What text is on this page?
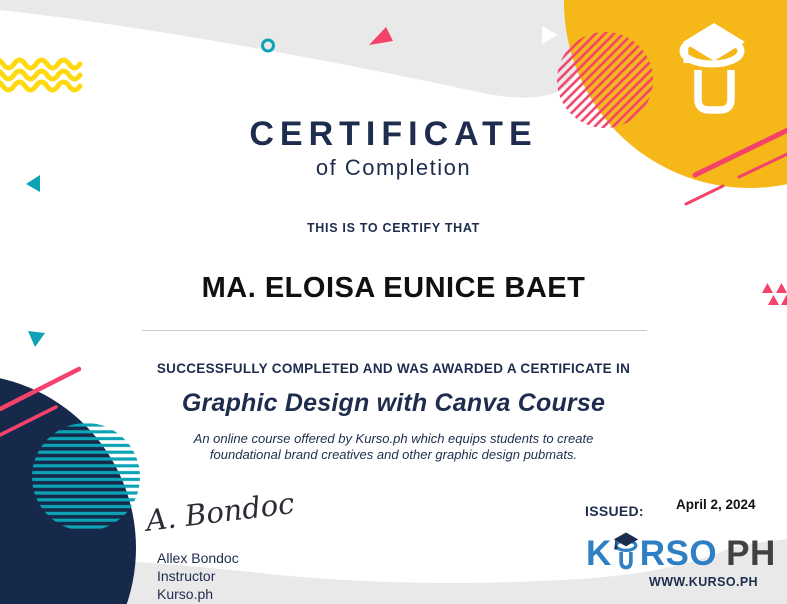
CERTIFICATE
of Completion
THIS IS TO CERTIFY THAT
MA. ELOISA EUNICE BAET
SUCCESSFULLY COMPLETED AND WAS AWARDED A CERTIFICATE IN
Graphic Design with Canva Course
An online course offered by Kurso.ph which equips students to create
foundational brand creatives and other graphic design pubmats.
A. Bondoc
Allex Bondoc
Instructor
Kurso.ph
ISSUED: April 2, 2024
K RSO PH
WWW.KURSO.PH
